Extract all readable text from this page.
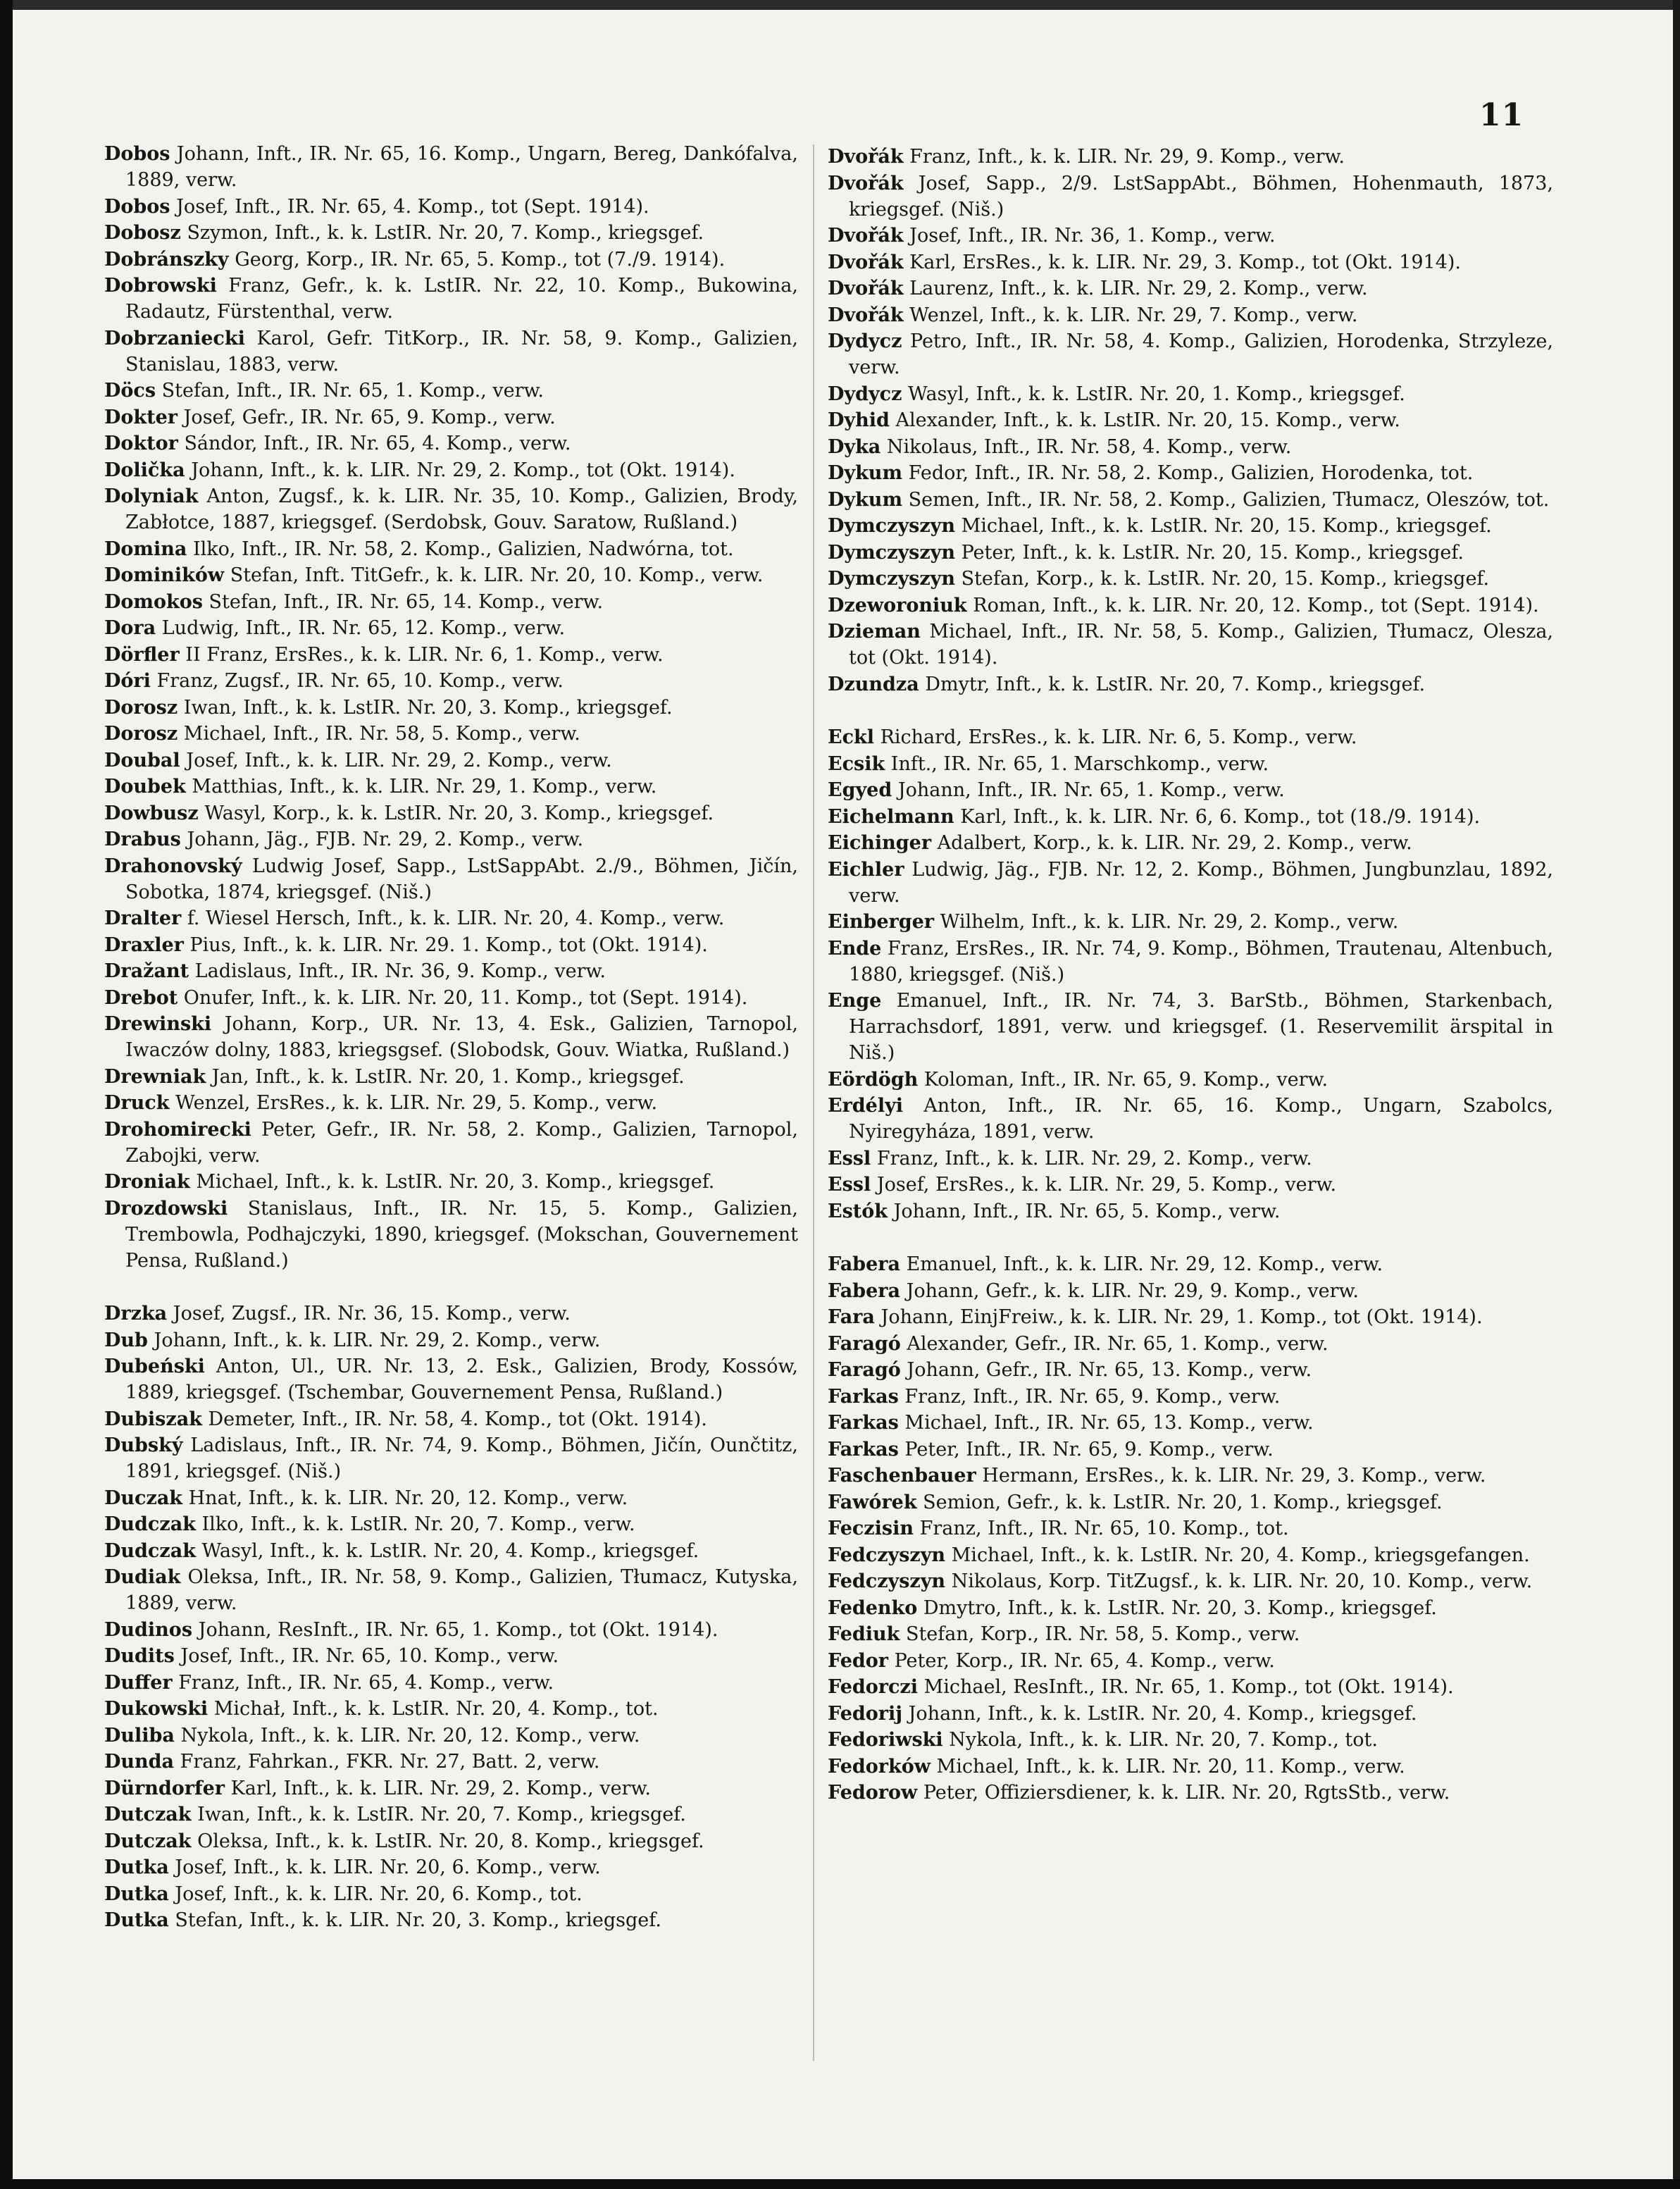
11
Dobos Johann, Inft., IR. Nr. 65, 16. Komp., Ungarn, Bereg, Dankófalva, 1889, verw.
Dobos Josef, Inft., IR. Nr. 65, 4. Komp., tot (Sept. 1914).
Dobosz Szymon, Inft., k. k. LstIR. Nr. 20, 7. Komp., kriegsgef.
Dobránszky Georg, Korp., IR. Nr. 65, 5. Komp., tot (7./9. 1914).
Dobrowski Franz, Gefr., k. k. LstIR. Nr. 22, 10. Komp., Bukowina, Radautz, Fürstenthal, verw.
Dobrzaniecki Karol, Gefr. TitKorp., IR. Nr. 58, 9. Komp., Galizien, Stanislau, 1883, verw.
Döcs Stefan, Inft., IR. Nr. 65, 1. Komp., verw.
Dokter Josef, Gefr., IR. Nr. 65, 9. Komp., verw.
Doktor Sándor, Inft., IR. Nr. 65, 4. Komp., verw.
Dolička Johann, Inft., k. k. LIR. Nr. 29, 2. Komp., tot (Okt. 1914).
Dolyniak Anton, Zugsf., k. k. LIR. Nr. 35, 10. Komp., Galizien, Brody, Zabłotce, 1887, kriegsgef. (Serdobsk, Gouv. Saratow, Rußland.)
Domina Ilko, Inft., IR. Nr. 58, 2. Komp., Galizien, Nadwórna, tot.
Dominików Stefan, Inft. TitGefr., k. k. LIR. Nr. 20, 10. Komp., verw.
Domokos Stefan, Inft., IR. Nr. 65, 14. Komp., verw.
Dora Ludwig, Inft., IR. Nr. 65, 12. Komp., verw.
Dörfler II Franz, ErsRes., k. k. LIR. Nr. 6, 1. Komp., verw.
Dóri Franz, Zugsf., IR. Nr. 65, 10. Komp., verw.
Dorosz Iwan, Inft., k. k. LstIR. Nr. 20, 3. Komp., kriegsgef.
Dorosz Michael, Inft., IR. Nr. 58, 5. Komp., verw.
Doubal Josef, Inft., k. k. LIR. Nr. 29, 2. Komp., verw.
Doubek Matthias, Inft., k. k. LIR. Nr. 29, 1. Komp., verw.
Dowbusz Wasyl, Korp., k. k. LstIR. Nr. 20, 3. Komp., kriegsgef.
Drabus Johann, Jäg., FJB. Nr. 29, 2. Komp., verw.
Drahonovský Ludwig Josef, Sapp., LstSappAbt. 2./9., Böhmen, Jičín, Sobotka, 1874, kriegsgef. (Niš.)
Dralter f. Wiesel Hersch, Inft., k. k. LIR. Nr. 20, 4. Komp., verw.
Draxler Pius, Inft., k. k. LIR. Nr. 29. 1. Komp., tot (Okt. 1914).
Dražant Ladislaus, Inft., IR. Nr. 36, 9. Komp., verw.
Drebot Onufer, Inft., k. k. LIR. Nr. 20, 11. Komp., tot (Sept. 1914).
Drewinski Johann, Korp., UR. Nr. 13, 4. Esk., Galizien, Tarnopol, Iwaczów dolny, 1883, kriegsgsef. (Slobodsk, Gouv. Wiatka, Rußland.)
Drewniak Jan, Inft., k. k. LstIR. Nr. 20, 1. Komp., kriegsgef.
Druck Wenzel, ErsRes., k. k. LIR. Nr. 29, 5. Komp., verw.
Drohomirecki Peter, Gefr., IR. Nr. 58, 2. Komp., Galizien, Tarnopol, Zabojki, verw.
Droniak Michael, Inft., k. k. LstIR. Nr. 20, 3. Komp., kriegsgef.
Drozdowski Stanislaus, Inft., IR. Nr. 15, 5. Komp., Galizien, Trembowla, Podhajczyki, 1890, kriegsgef. (Mokschan, Gouvernement Pensa, Rußland.)
Drzka Josef, Zugsf., IR. Nr. 36, 15. Komp., verw.
Dub Johann, Inft., k. k. LIR. Nr. 29, 2. Komp., verw.
Dubeński Anton, Ul., UR. Nr. 13, 2. Esk., Galizien, Brody, Kossów, 1889, kriegsgef. (Tschembar, Gouvernement Pensa, Rußland.)
Dubiszak Demeter, Inft., IR. Nr. 58, 4. Komp., tot (Okt. 1914).
Dubský Ladislaus, Inft., IR. Nr. 74, 9. Komp., Böhmen, Jičín, Ounčtitz, 1891, kriegsgef. (Niš.)
Duczak Hnat, Inft., k. k. LIR. Nr. 20, 12. Komp., verw.
Dudczak Ilko, Inft., k. k. LstIR. Nr. 20, 7. Komp., verw.
Dudczak Wasyl, Inft., k. k. LstIR. Nr. 20, 4. Komp., kriegsgef.
Dudiak Oleksa, Inft., IR. Nr. 58, 9. Komp., Galizien, Tłumacz, Kutyska, 1889, verw.
Dudinos Johann, ResInft., IR. Nr. 65, 1. Komp., tot (Okt. 1914).
Dudits Josef, Inft., IR. Nr. 65, 10. Komp., verw.
Duffer Franz, Inft., IR. Nr. 65, 4. Komp., verw.
Dukowski Michał, Inft., k. k. LstIR. Nr. 20, 4. Komp., tot.
Duliba Nykola, Inft., k. k. LIR. Nr. 20, 12. Komp., verw.
Dunda Franz, Fahrkan., FKR. Nr. 27, Batt. 2, verw.
Dürndorfer Karl, Inft., k. k. LIR. Nr. 29, 2. Komp., verw.
Dutczak Iwan, Inft., k. k. LstIR. Nr. 20, 7. Komp., kriegsgef.
Dutczak Oleksa, Inft., k. k. LstIR. Nr. 20, 8. Komp., kriegsgef.
Dutka Josef, Inft., k. k. LIR. Nr. 20, 6. Komp., verw.
Dutka Josef, Inft., k. k. LIR. Nr. 20, 6. Komp., tot.
Dutka Stefan, Inft., k. k. LIR. Nr. 20, 3. Komp., kriegsgef.
Dvořák Franz, Inft., k. k. LIR. Nr. 29, 9. Komp., verw.
Dvořák Josef, Sapp., 2/9. LstSappAbt., Böhmen, Hohenmauth, 1873, kriegsgef. (Niš.)
Dvořák Josef, Inft., IR. Nr. 36, 1. Komp., verw.
Dvořák Karl, ErsRes., k. k. LIR. Nr. 29, 3. Komp., tot (Okt. 1914).
Dvořák Laurenz, Inft., k. k. LIR. Nr. 29, 2. Komp., verw.
Dvořák Wenzel, Inft., k. k. LIR. Nr. 29, 7. Komp., verw.
Dydycz Petro, Inft., IR. Nr. 58, 4. Komp., Galizien, Horodenka, Strzyleze, verw.
Dydycz Wasyl, Inft., k. k. LstIR. Nr. 20, 1. Komp., kriegsgef.
Dyhid Alexander, Inft., k. k. LstIR. Nr. 20, 15. Komp., verw.
Dyka Nikolaus, Inft., IR. Nr. 58, 4. Komp., verw.
Dykum Fedor, Inft., IR. Nr. 58, 2. Komp., Galizien, Horodenka, tot.
Dykum Semen, Inft., IR. Nr. 58, 2. Komp., Galizien, Tłumacz, Oleszów, tot.
Dymczyszyn Michael, Inft., k. k. LstIR. Nr. 20, 15. Komp., kriegsgef.
Dymczyszyn Peter, Inft., k. k. LstIR. Nr. 20, 15. Komp., kriegsgef.
Dymczyszyn Stefan, Korp., k. k. LstIR. Nr. 20, 15. Komp., kriegsgef.
Dzeworoniuk Roman, Inft., k. k. LIR. Nr. 20, 12. Komp., tot (Sept. 1914).
Dzieman Michael, Inft., IR. Nr. 58, 5. Komp., Galizien, Tłumacz, Olesza, tot (Okt. 1914).
Dzundza Dmytr, Inft., k. k. LstIR. Nr. 20, 7. Komp., kriegsgef.
Eckl Richard, ErsRes., k. k. LIR. Nr. 6, 5. Komp., verw.
Ecsik Inft., IR. Nr. 65, 1. Marschkomp., verw.
Egyed Johann, Inft., IR. Nr. 65, 1. Komp., verw.
Eichelmann Karl, Inft., k. k. LIR. Nr. 6, 6. Komp., tot (18./9. 1914).
Eichinger Adalbert, Korp., k. k. LIR. Nr. 29, 2. Komp., verw.
Eichler Ludwig, Jäg., FJB. Nr. 12, 2. Komp., Böhmen, Jungbunzlau, 1892, verw.
Einberger Wilhelm, Inft., k. k. LIR. Nr. 29, 2. Komp., verw.
Ende Franz, ErsRes., IR. Nr. 74, 9. Komp., Böhmen, Trautenau, Altenbuch, 1880, kriegsgef. (Niš.)
Enge Emanuel, Inft., IR. Nr. 74, 3. BarStb., Böhmen, Starkenbach, Harrachsdorf, 1891, verw. und kriegsgef. (1. Reservemilit ärspital in Niš.)
Eördögh Koloman, Inft., IR. Nr. 65, 9. Komp., verw.
Erdélyi Anton, Inft., IR. Nr. 65, 16. Komp., Ungarn, Szabolcs, Nyiregyháza, 1891, verw.
Essl Franz, Inft., k. k. LIR. Nr. 29, 2. Komp., verw.
Essl Josef, ErsRes., k. k. LIR. Nr. 29, 5. Komp., verw.
Estók Johann, Inft., IR. Nr. 65, 5. Komp., verw.
Fabera Emanuel, Inft., k. k. LIR. Nr. 29, 12. Komp., verw.
Fabera Johann, Gefr., k. k. LIR. Nr. 29, 9. Komp., verw.
Fara Johann, EinjFreiw., k. k. LIR. Nr. 29, 1. Komp., tot (Okt. 1914).
Faragó Alexander, Gefr., IR. Nr. 65, 1. Komp., verw.
Faragó Johann, Gefr., IR. Nr. 65, 13. Komp., verw.
Farkas Franz, Inft., IR. Nr. 65, 9. Komp., verw.
Farkas Michael, Inft., IR. Nr. 65, 13. Komp., verw.
Farkas Peter, Inft., IR. Nr. 65, 9. Komp., verw.
Faschenbauer Hermann, ErsRes., k. k. LIR. Nr. 29, 3. Komp., verw.
Fawórek Semion, Gefr., k. k. LstIR. Nr. 20, 1. Komp., kriegsgef.
Feczisin Franz, Inft., IR. Nr. 65, 10. Komp., tot.
Fedczyszyn Michael, Inft., k. k. LstIR. Nr. 20, 4. Komp., kriegsgefangen.
Fedczyszyn Nikolaus, Korp. TitZugsf., k. k. LIR. Nr. 20, 10. Komp., verw.
Fedenko Dmytro, Inft., k. k. LstIR. Nr. 20, 3. Komp., kriegsgef.
Fediuk Stefan, Korp., IR. Nr. 58, 5. Komp., verw.
Fedor Peter, Korp., IR. Nr. 65, 4. Komp., verw.
Fedorczi Michael, ResInft., IR. Nr. 65, 1. Komp., tot (Okt. 1914).
Fedorij Johann, Inft., k. k. LstIR. Nr. 20, 4. Komp., kriegsgef.
Fedoriwski Nykola, Inft., k. k. LIR. Nr. 20, 7. Komp., tot.
Fedorków Michael, Inft., k. k. LIR. Nr. 20, 11. Komp., verw.
Fedorow Peter, Offiziersdiener, k. k. LIR. Nr. 20, RgtsStb., verw.
